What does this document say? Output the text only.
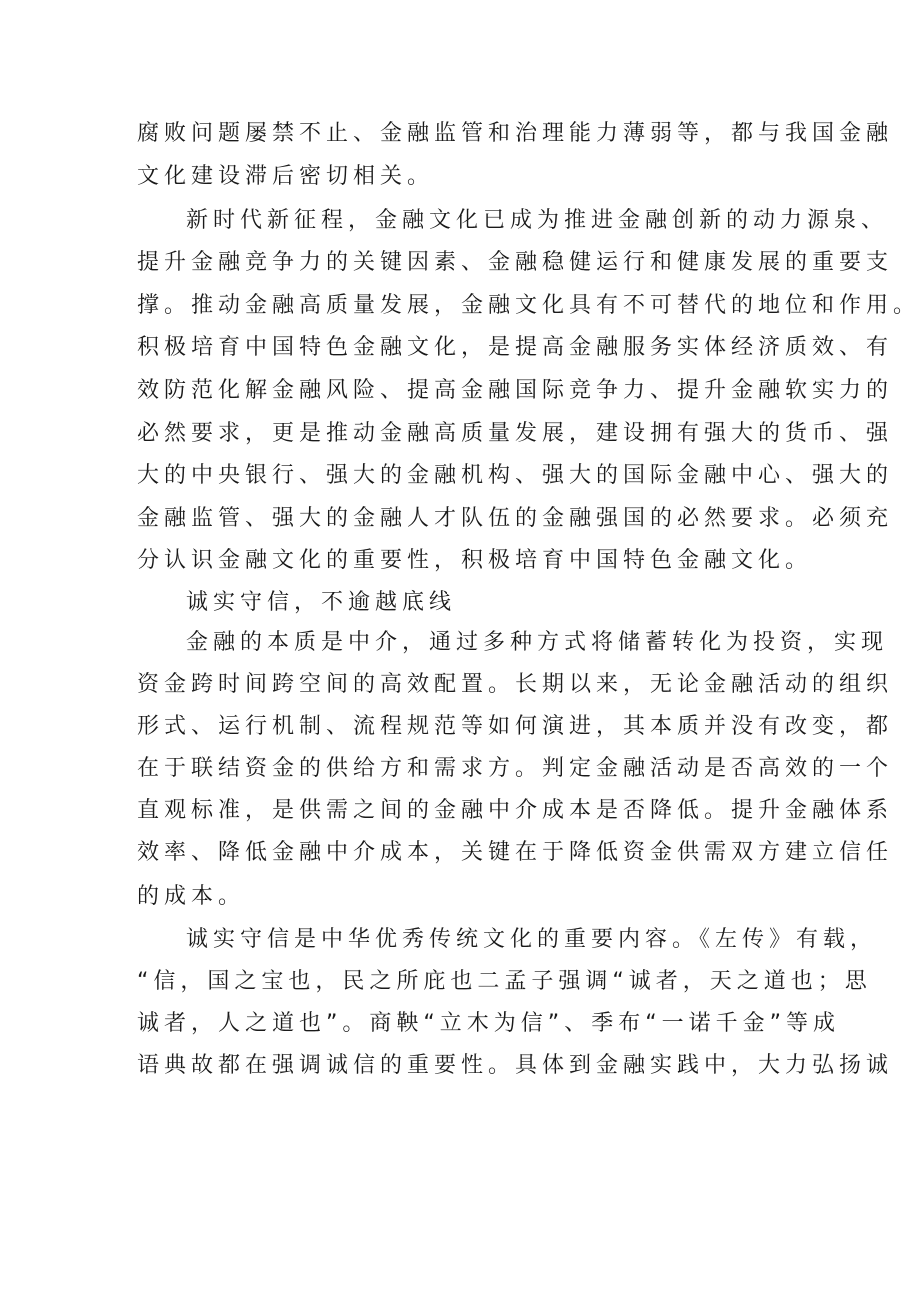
腐败问题屡禁不止、金融监管和治理能力薄弱等，都与我国金融
文化建设滞后密切相关。
新时代新征程，金融文化已成为推进金融创新的动力源泉、
提升金融竞争力的关键因素、金融稳健运行和健康发展的重要支
撑。推动金融高质量发展，金融文化具有不可替代的地位和作用。
积极培育中国特色金融文化，是提高金融服务实体经济质效、有
效防范化解金融风险、提高金融国际竞争力、提升金融软实力的
必然要求，更是推动金融高质量发展，建设拥有强大的货币、强
大的中央银行、强大的金融机构、强大的国际金融中心、强大的
金融监管、强大的金融人才队伍的金融强国的必然要求。必须充
分认识金融文化的重要性，积极培育中国特色金融文化。
诚实守信，不逾越底线
金融的本质是中介，通过多种方式将储蓄转化为投资，实现
资金跨时间跨空间的高效配置。长期以来，无论金融活动的组织
形式、运行机制、流程规范等如何演进，其本质并没有改变，都
在于联结资金的供给方和需求方。判定金融活动是否高效的一个
直观标准，是供需之间的金融中介成本是否降低。提升金融体系
效率、降低金融中介成本，关键在于降低资金供需双方建立信任
的成本。
诚实守信是中华优秀传统文化的重要内容。《左传》有载，
“信，国之宝也，民之所庇也二孟子强调“诚者，天之道也；思
诚者，人之道也”。商鞅“立木为信”、季布“一诺千金”等成
语典故都在强调诚信的重要性。具体到金融实践中，大力弘扬诚
